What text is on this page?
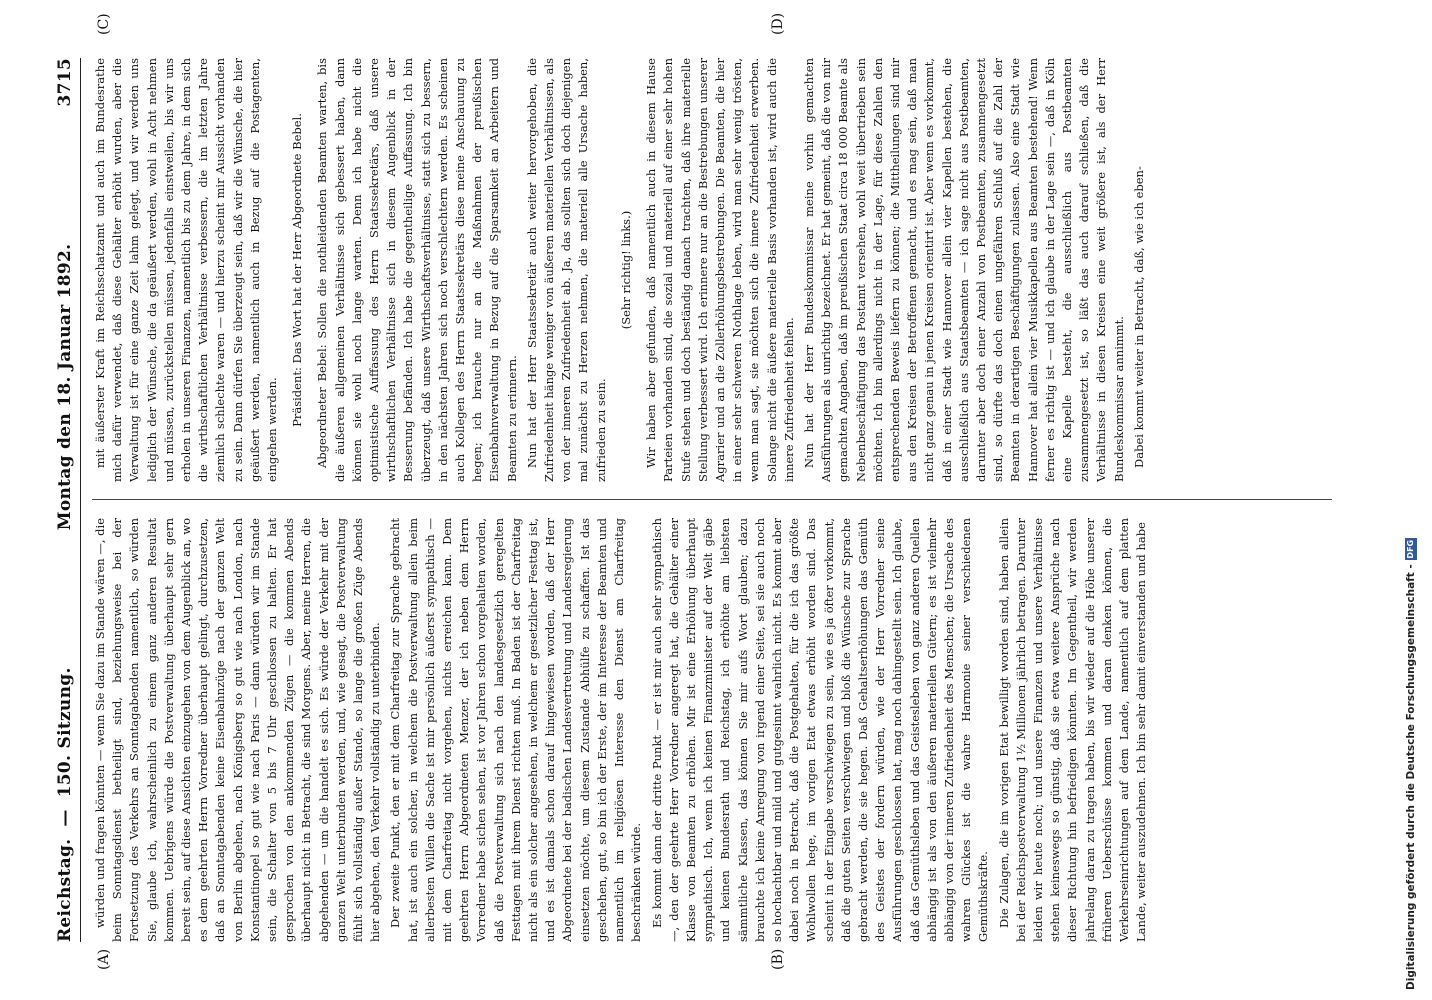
Reichstag.
—
150. Sitzung.
Montag den 18. Januar 1892.
3715
(A)	(B)
(C)	(D)

würden und fragen könnten — wenn Sie dazu im Stande wären —, die beim Sonntagsdienst betheiligt sind, beziehungsweise bei der Fortsetzung des Verkehrs an Sonntagabenden namentlich, so würden Sie, glaube ich, wahrscheinlich zu einem ganz anderen Resultat kommen. Uebrigens würde die Postverwaltung überhaupt sehr gern bereit sein, auf diese Ansichten einzugehen von dem Augenblick an, wo es dem geehrten Herrn Vorredner überhaupt gelingt, durchzusetzen, daß an Sonntagabenden keine Eisenbahnzüge nach der ganzen Welt von Berlin abgehen, nach Königsberg so gut wie nach London, nach Konstantinopel so gut wie nach Paris — dann würden wir im Stande sein, die Schalter von 5 bis 7 Uhr geschlossen zu halten. Er hat gesprochen von den ankommenden Zügen — die kommen Abends überhaupt nicht in Betracht, die sind Morgens. Aber, meine Herren, die abgehenden — um die handelt es sich. Es würde der Verkehr mit der ganzen Welt unterbunden werden, und, wie gesagt, die Postverwaltung fühlt sich vollständig außer Stande, so lange die großen Züge Abends hier abgehen, den Verkehr vollständig zu unterbinden. Der zweite Punkt, den er mit dem Charfreitag zur Sprache gebracht hat, ist auch ein solcher, in welchem die Postverwaltung allein beim allerbesten Willen die Sache ist mir persönlich äußerst sympathisch — mit dem Charfreitag nicht vorgehen, nichts erreichen kann. Dem geehrten Herrn Abgeordneten Menzer, der ich neben dem Herrn Vorredner habe sichen sehen, ist vor Jahren schon vorgehalten worden, daß die Postverwaltung sich nach den landesgesetzlich geregelten Festtagen mit ihrem Dienst richten muß. In Baden ist der Charfreitag nicht als ein solcher angesehen, in welchem er gesetzlicher Festtag ist, und es ist damals schon darauf hingewiesen worden, daß der Herr Abgeordnete bei der badischen Landesvertretung und Landesregierung einsetzen möchte, um diesem Zustande Abhülfe zu schaffen. Ist das geschehen, gut, so bin ich der Erste, der im Interesse der Beamten und namentlich im religiösen Interesse den Dienst am Charfreitag beschränken würde. Es kommt dann der dritte Punkt — er ist mir auch sehr sympathisch —, den der geehrte Herr Vorredner angeregt hat, die Gehälter einer Klasse von Beamten zu erhöhen. Mir ist eine Erhöhung überhaupt sympathisch. Ich, wenn ich keinen Finanzminister auf der Welt gäbe und keinen Bundesrath und Reichstag, ich erhöhte am liebsten sämmtliche Klassen, das können Sie mir aufs Wort glauben; dazu brauchte ich keine Anregung von irgend einer Seite, sei sie auch noch so hochachtbar und mild und gutgesinnt wahrlich nicht. Es kommt aber dabei noch in Betracht, daß die Postgehalten, für die ich das größte Wohlwollen hege, im vorigen Etat etwas erhöht worden sind. Das scheint in der Eingabe verschwiegen zu sein, wie es ja öfter vorkommt, daß die guten Seiten verschwiegen und bloß die Wünsche zur Sprache gebracht werden, die sie hegen. Daß Gehaltserhöhungen das Gemüth des Geistes der fordern würden, wie der Herr Vorredner seine Ausführungen geschlossen hat, mag noch dahingestellt sein. Ich glaube, daß das Gemüthsleben und das Geistesleben von ganz anderen Quellen abhängig ist als von den äußeren materiellen Gütern; es ist vielmehr abhängig von der inneren Zufriedenheit des Menschen; die Ursache des wahren Glückes ist die wahre Harmonie seiner verschiedenen Gemüthskräfte. Die Zulagen, die im vorigen Etat bewilligt worden sind, haben allein bei der Reichspostverwaltung 1½ Millionen jährlich betragen. Darunter leiden wir heute noch; und unsere Finanzen und unsere Verhältnisse stehen keineswegs so günstig, daß sie etwa weitere Ansprüche nach dieser Richtung hin befriedigen könnten. Im Gegentheil, wir werden jahrelang daran zu tragen haben, bis wir wieder auf die Höhe unserer früheren Ueberschüsse kommen und daran denken können, die Verkehrseinrichtungen auf dem Lande, namentlich auf dem platten Lande, weiter auszudehnen. Ich bin sehr damit einverstanden und habe

mit äußerster Kraft im Reichsschatzamt und auch im Bundesrathe mich dafür verwendet, daß diese Gehälter erhöht wurden, aber die Verwaltung ist für eine ganze Zeit lahm gelegt, und wir werden uns lediglich der Wünsche, die da geäußert werden, wohl in Acht nehmen und müssen, zurückstellen müssen, jedenfalls einstweilen, bis wir uns erholen in unseren Finanzen, namentlich bis zu dem Jahre, in dem sich die wirthschaftlichen Verhältnisse verbessern, die im letzten Jahre ziemlich schlechte waren — und hierzu scheint mir Aussicht vorhanden zu sein. Dann dürfen Sie überzeugt sein, daß wir die Wünsche, die hier geäußert werden, namentlich auch in Bezug auf die Postagenten, eingehen werden.

Präsident: Das Wort hat der Herr Abgeordnete Bebel. Abgeordneter Bebel: Sollen die nothleidenden Beamten warten, bis die äußeren allgemeinen Verhältnisse sich gebessert haben, dann können sie wohl noch lange warten. Denn ich habe nicht die optimistische Auffassung des Herrn Staatssekretärs, daß unsere wirthschaftlichen Verhältnisse sich in diesem Augenblick in der Besserung befänden. Ich habe die gegentheilige Auffassung. Ich bin überzeugt, daß unsere Wirthschaftsverhältnisse, statt sich zu bessern, in den nächsten Jahren sich noch verschlechtern werden. Es scheinen auch Kollegen des Herrn Staatssekretärs diese meine Anschauung zu hegen; ich brauche nur an die Maßnahmen der preußischen Eisenbahnverwaltung in Bezug auf die Sparsamkeit an Arbeitern und Beamten zu erinnern. Nun hat der Herr Staatssekretär auch weiter hervorgehoben, die Zufriedenheit hänge weniger von äußeren materiellen Verhältnissen, als von der inneren Zufriedenheit ab. Ja, das sollten sich doch diejenigen mal zunächst zu Herzen nehmen, die materiell alle Ursache haben, zufrieden zu sein.

(Sehr richtig! links.) Wir haben aber gefunden, daß namentlich auch in diesem Hause Parteien vorhanden sind, die sozial und materiell auf einer sehr hohen Stufe stehen und doch beständig danach trachten, daß ihre materielle Stellung verbessert wird. Ich erinnere nur an die Bestrebungen unserer Agrarier und an die Zollerhöhungsbestrebungen. Die Beamten, die hier in einer sehr schweren Nothlage leben, wird man sehr wenig trösten, wenn man sagt, sie möchten sich die innere Zufriedenheit erwerben. Solange nicht die äußere materielle Basis vorhanden ist, wird auch die innere Zufriedenheit fehlen. Nun hat der Herr Bundeskommissar meine vorhin gemachten Ausführungen als unrichtig bezeichnet. Er hat gemeint, daß die von mir gemachten Angaben, daß im preußischen Staat circa 18 000 Beamte als Nebenbeschäftigung das Postamt versehen, wohl weit übertrieben sein möchten. Ich bin allerdings nicht in der Lage, für diese Zahlen den entsprechenden Beweis liefern zu können; die Mittheilungen sind mir aus den Kreisen der Betroffenen gemacht, und es mag sein, daß man nicht ganz genau in jenen Kreisen orientirt ist. Aber wenn es vorkommt, daß in einer Stadt wie Hannover allein vier Kapellen bestehen, die ausschließlich aus Staatsbeamten — ich sage nicht aus Postbeamten, darunter aber doch einer Anzahl von Postbeamten, zusammengesetzt sind, so dürfte das doch einen ungefähren Schluß auf die Zahl der Beamten in derartigen Beschäftigungen zulassen. Also eine Stadt wie Hannover hat allein vier Musikkapellen aus Beamten bestehend! Wenn ferner es richtig ist — und ich glaube in der Lage sein —, daß in Köln eine Kapelle besteht, die ausschließlich aus Postbeamten zusammengesetzt ist, so läßt das auch darauf schließen, daß die Verhältnisse in diesen Kreisen eine weit größere ist, als der Herr Bundeskommissar annimmt. Dabei kommt weiter in Betracht, daß, wie ich eben-

Digitalisierung gefördert durch die Deutsche Forschungsgemeinschaft -
DFG
